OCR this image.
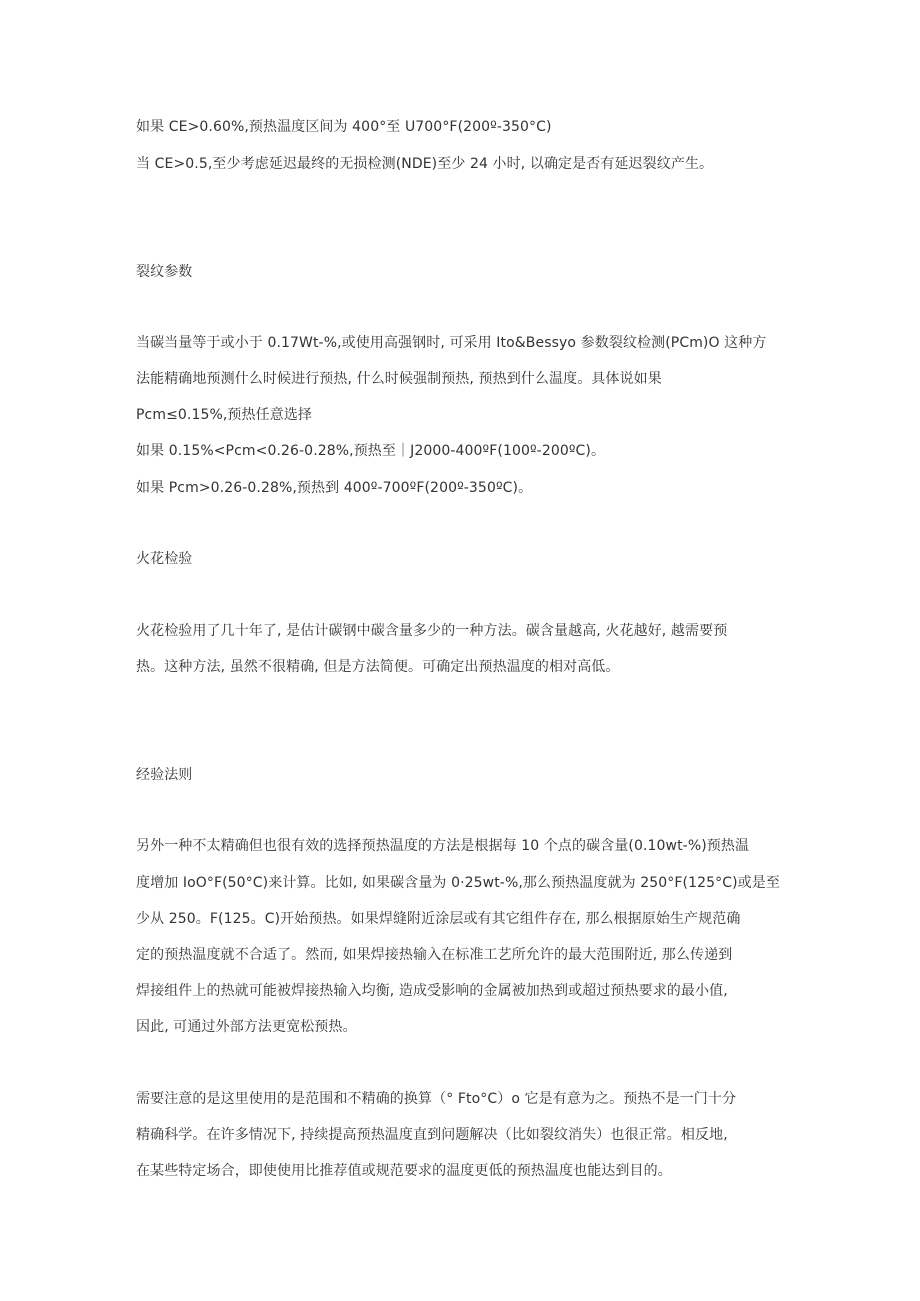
如果 CE>0.60%,预热温度区间为 400°至 U700°F(200º-350°C)
当 CE>0.5,至少考虑延迟最终的无损检测(NDE)至少 24 小时, 以确定是否有延迟裂纹产生。
裂纹参数
当碳当量等于或小于 0.17Wt-%,或使用高强钢时, 可采用 Ito&Bessyo 参数裂纹检测(PCm)O 这种方
法能精确地预测什么时候进行预热, 什么时候强制预热, 预热到什么温度。具体说如果
Pcm≤0.15%,预热任意选择
如果 0.15%<Pcm<0.26-0.28%,预热至｜J2000-400ºF(100º-200ºC)。
如果 Pcm>0.26-0.28%,预热到 400º-700ºF(200º-350ºC)。
火花检验
火花检验用了几十年了, 是估计碳钢中碳含量多少的一种方法。碳含量越高, 火花越好, 越需要预
热。这种方法, 虽然不很精确, 但是方法简便。可确定出预热温度的相对高低。
经验法则
另外一种不太精确但也很有效的选择预热温度的方法是根据每 10 个点的碳含量(0.10wt-%)预热温
度增加 IoO°F(50°C)来计算。比如, 如果碳含量为 0·25wt-%,那么预热温度就为 250°F(125°C)或是至
少从 250。F(125。C)开始预热。如果焊缝附近涂层或有其它组件存在, 那么根据原始生产规范确
定的预热温度就不合适了。然而, 如果焊接热输入在标准工艺所允许的最大范围附近, 那么传递到
焊接组件上的热就可能被焊接热输入均衡, 造成受影响的金属被加热到或超过预热要求的最小值,
因此, 可通过外部方法更宽松预热。
需要注意的是这里使用的是范围和不精确的换算（° Fto°C）o 它是有意为之。预热不是一门十分
精确科学。在许多情况下, 持续提高预热温度直到问题解决（比如裂纹消失）也很正常。相反地,
在某些特定场合，即使使用比推荐值或规范要求的温度更低的预热温度也能达到目的。
